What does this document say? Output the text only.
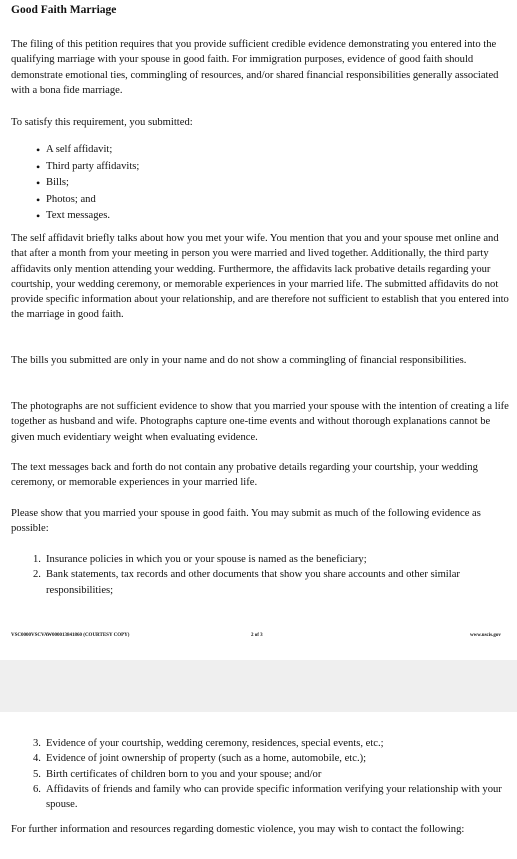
Good Faith Marriage

The filing of this petition requires that you provide sufficient credible evidence demonstrating you entered into the qualifying marriage with your spouse in good faith. For immigration purposes, evidence of good faith should demonstrate emotional ties, commingling of resources, and/or shared financial responsibilities generally associated with a bona fide marriage.

To satisfy this requirement, you submitted:

• A self affidavit;
• Third party affidavits;
• Bills;
• Photos; and
• Text messages.

The self affidavit briefly talks about how you met your wife. You mention that you and your spouse met online and that after a month from your meeting in person you were married and lived together. Additionally, the third party affidavits only mention attending your wedding. Furthermore, the affidavits lack probative details regarding your courtship, your wedding ceremony, or memorable experiences in your married life. The submitted affidavits do not provide specific information about your relationship, and are therefore not sufficient to establish that you entered into the marriage in good faith.

The bills you submitted are only in your name and do not show a commingling of financial responsibilities.

The photographs are not sufficient evidence to show that you married your spouse with the intention of creating a life together as husband and wife. Photographs capture one-time events and without thorough explanations cannot be given much evidentiary weight when evaluating evidence.

The text messages back and forth do not contain any probative details regarding your courtship, your wedding ceremony, or memorable experiences in your married life.

Please show that you married your spouse in good faith. You may submit as much of the following evidence as possible:

1. Insurance policies in which you or your spouse is named as the beneficiary;
2. Bank statements, tax records and other documents that show you share accounts and other similar responsibilities;
VSC0000VSCVAW000013841860 (COURTESY COPY)	2 of 3	www.uscis.gov
3. Evidence of your courtship, wedding ceremony, residences, special events, etc.;
4. Evidence of joint ownership of property (such as a home, automobile, etc.);
5. Birth certificates of children born to you and your spouse; and/or
6. Affidavits of friends and family who can provide specific information verifying your relationship with your spouse.

For further information and resources regarding domestic violence, you may wish to contact the following:
